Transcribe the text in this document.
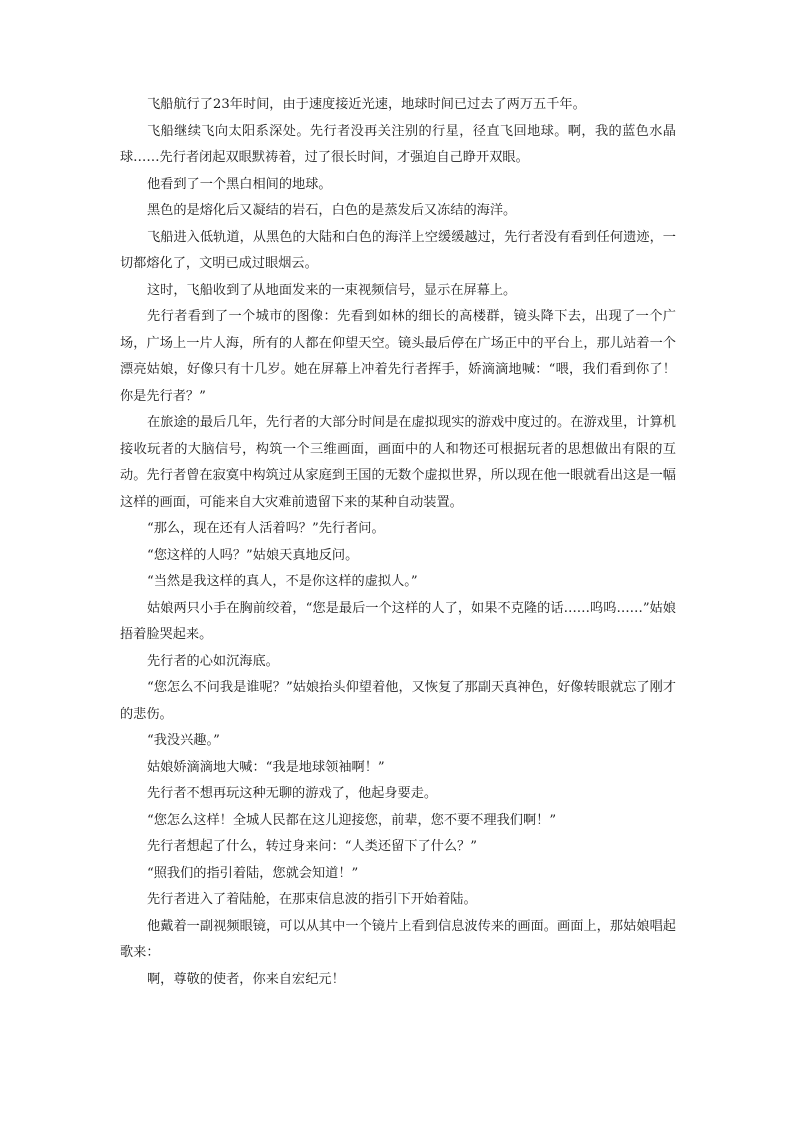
飞船航行了23年时间，由于速度接近光速，地球时间已过去了两万五千年。

飞船继续飞向太阳系深处。先行者没再关注别的行星，径直飞回地球。啊，我的蓝色水晶球……先行者闭起双眼默祷着，过了很长时间，才强迫自己睁开双眼。

他看到了一个黑白相间的地球。

黑色的是熔化后又凝结的岩石，白色的是蒸发后又冻结的海洋。

飞船进入低轨道，从黑色的大陆和白色的海洋上空缓缓越过，先行者没有看到任何遗迹，一切都熔化了，文明已成过眼烟云。

这时，飞船收到了从地面发来的一束视频信号，显示在屏幕上。

先行者看到了一个城市的图像：先看到如林的细长的高楼群，镜头降下去，出现了一个广场，广场上一片人海，所有的人都在仰望天空。镜头最后停在广场正中的平台上，那儿站着一个漂亮姑娘，好像只有十几岁。她在屏幕上冲着先行者挥手，娇滴滴地喊：“喂，我们看到你了！你是先行者？”

在旅途的最后几年，先行者的大部分时间是在虚拟现实的游戏中度过的。在游戏里，计算机接收玩者的大脑信号，构筑一个三维画面，画面中的人和物还可根据玩者的思想做出有限的互动。先行者曾在寂寞中构筑过从家庭到王国的无数个虚拟世界，所以现在他一眼就看出这是一幅这样的画面，可能来自大灾难前遗留下来的某种自动装置。

“那么，现在还有人活着吗？”先行者问。

“您这样的人吗？”姑娘天真地反问。

“当然是我这样的真人，不是你这样的虚拟人。”

姑娘两只小手在胸前绞着，“您是最后一个这样的人了，如果不克隆的话……呜呜……”姑娘捂着脸哭起来。

先行者的心如沉海底。

“您怎么不问我是谁呢？”姑娘抬头仰望着他，又恢复了那副天真神色，好像转眼就忘了刚才的悲伤。

“我没兴趣。”

姑娘娇滴滴地大喊：“我是地球领袖啊！”

先行者不想再玩这种无聊的游戏了，他起身要走。

“您怎么这样！全城人民都在这儿迎接您，前辈，您不要不理我们啊！”

先行者想起了什么，转过身来问：“人类还留下了什么？”

“照我们的指引着陆，您就会知道！”

先行者进入了着陆舱，在那束信息波的指引下开始着陆。

他戴着一副视频眼镜，可以从其中一个镜片上看到信息波传来的画面。画面上，那姑娘唱起歌来：

啊，尊敬的使者，你来自宏纪元！
